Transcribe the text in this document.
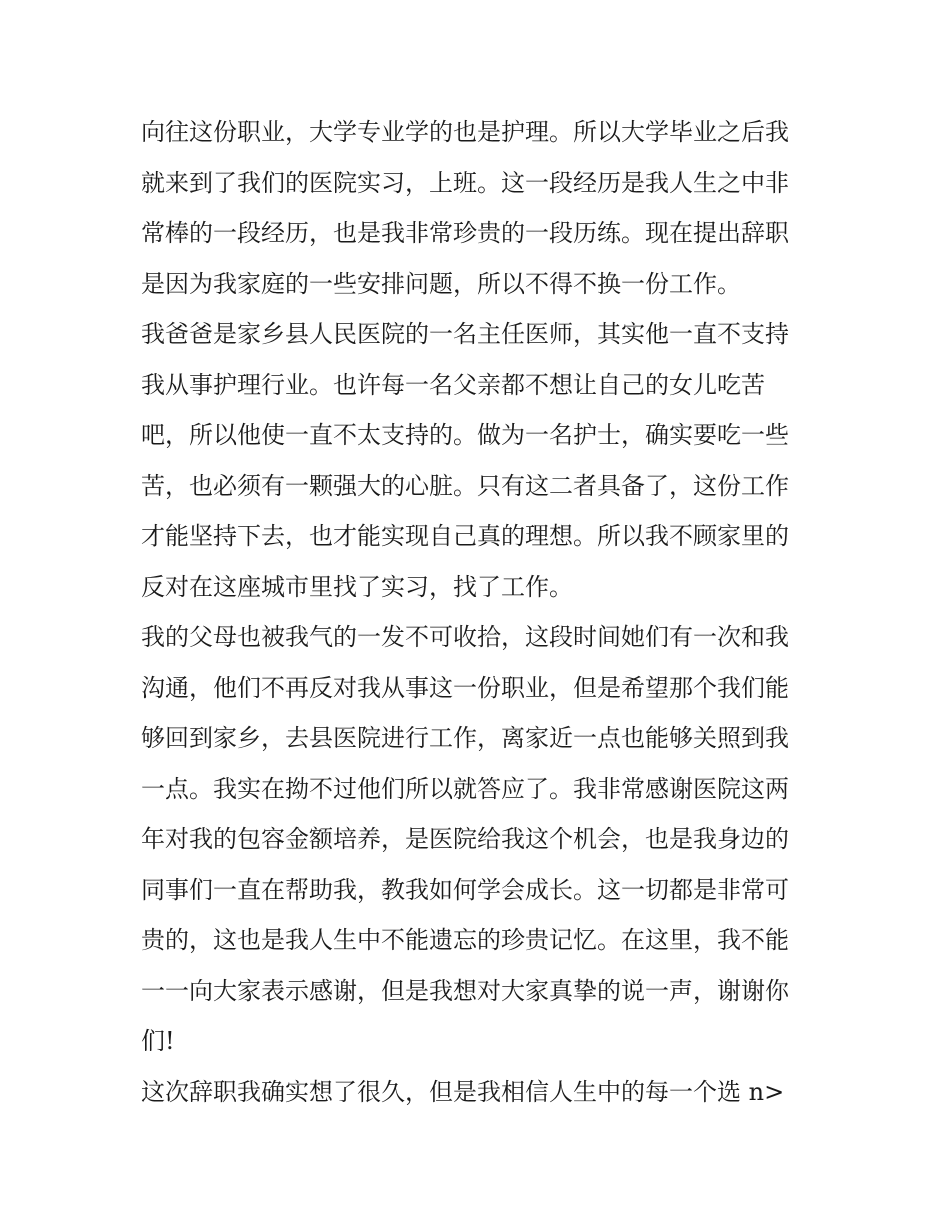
向往这份职业，大学专业学的也是护理。所以大学毕业之后我
就来到了我们的医院实习，上班。这一段经历是我人生之中非
常棒的一段经历，也是我非常珍贵的一段历练。现在提出辞职
是因为我家庭的一些安排问题，所以不得不换一份工作。
我爸爸是家乡县人民医院的一名主任医师，其实他一直不支持
我从事护理行业。也许每一名父亲都不想让自己的女儿吃苦
吧，所以他使一直不太支持的。做为一名护士，确实要吃一些
苦，也必须有一颗强大的心脏。只有这二者具备了，这份工作
才能坚持下去，也才能实现自己真的理想。所以我不顾家里的
反对在这座城市里找了实习，找了工作。
我的父母也被我气的一发不可收拾，这段时间她们有一次和我
沟通，他们不再反对我从事这一份职业，但是希望那个我们能
够回到家乡，去县医院进行工作，离家近一点也能够关照到我
一点。我实在拗不过他们所以就答应了。我非常感谢医院这两
年对我的包容金额培养，是医院给我这个机会，也是我身边的
同事们一直在帮助我，教我如何学会成长。这一切都是非常可
贵的，这也是我人生中不能遗忘的珍贵记忆。在这里，我不能
一一向大家表示感谢，但是我想对大家真挚的说一声，谢谢你
们!
这次辞职我确实想了很久，但是我相信人生中的每一个选 n>
